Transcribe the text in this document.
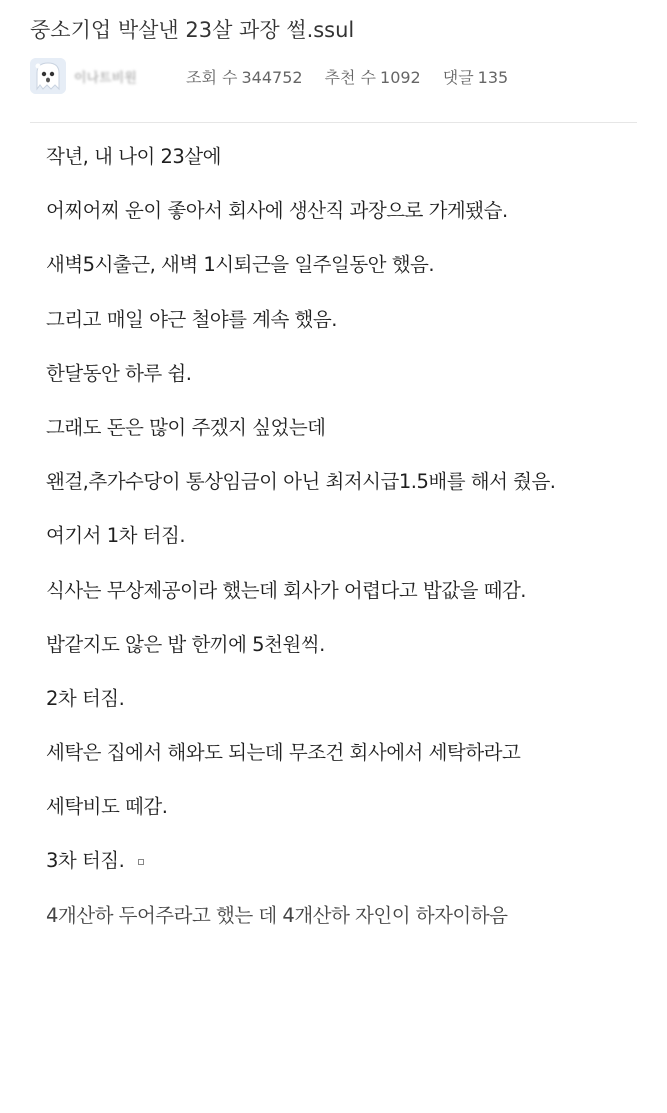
중소기업 박살낸 23살 과장 썰.ssul
이나트비원	조회 수 344752 추천 수 1092 댓글 135

작년, 내 나이 23살에

어찌어찌 운이 좋아서 회사에 생산직 과장으로 가게됐습.

새벽5시출근, 새벽 1시퇴근을 일주일동안 했음.

그리고 매일 야근 철야를 계속 했음.

한달동안 하루 쉼.

그래도 돈은 많이 주겠지 싶었는데

왠걸,추가수당이 통상임금이 아닌 최저시급1.5배를 해서 줬음.

여기서 1차 터짐.

식사는 무상제공이라 했는데 회사가 어렵다고 밥값을 떼감.

밥같지도 않은 밥 한끼에 5천원씩.

2차 터짐.

세탁은 집에서 해와도 되는데 무조건 회사에서 세탁하라고

세탁비도 떼감.

3차 터짐.

4개산하 두어주라고 했는 데 4개산하 자인이 하자이하음
